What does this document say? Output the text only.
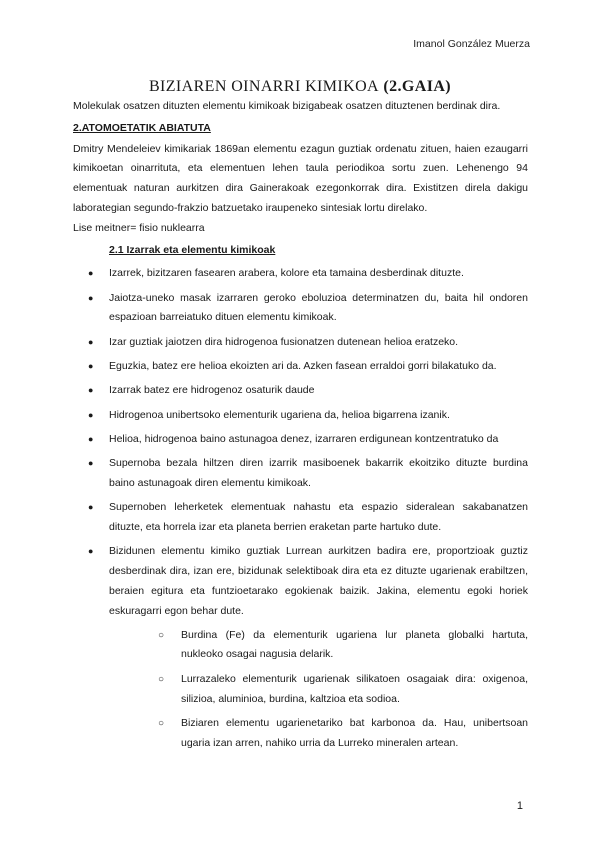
Imanol González Muerza
BIZIAREN OINARRI KIMIKOA (2.GAIA)

Molekulak osatzen dituzten elementu kimikoak bizigabeak osatzen dituztenen berdinak dira.

2.ATOMOETATIK ABIATUTA

Dmitry Mendeleiev kimikariak 1869an elementu ezagun guztiak ordenatu zituen, haien ezaugarri kimikoetan oinarrituta, eta elementuen lehen taula periodikoa sortu zuen. Lehenengo 94 elementuak naturan aurkitzen dira Gainerakoak ezegonkorrak dira. Existitzen direla dakigu laborategian segundo-frakzio batzuetako iraupeneko sintesiak lortu direlako.

Lise meitner= fisio nuklearra

2.1 Izarrak eta elementu kimikoak

● Izarrek, bizitzaren fasearen arabera, kolore eta tamaina desberdinak dituzte.
● Jaiotza-uneko masak izarraren geroko eboluzioa determinatzen du, baita hil ondoren espazioan barreiatuko dituen elementu kimikoak.
● Izar guztiak jaiotzen dira hidrogenoa fusionatzen dutenean helioa eratzeko.
● Eguzkia, batez ere helioa ekoizten ari da. Azken fasean erraldoi gorri bilakatuko da.
● Izarrak batez ere hidrogenoz osaturik daude
● Hidrogenoa unibertsoko elementurik ugariena da, helioa bigarrena izanik.
● Helioa, hidrogenoa baino astunagoa denez, izarraren erdigunean kontzentratuko da
● Supernoba bezala hiltzen diren izarrik masiboenek bakarrik ekoitziko dituzte burdina baino astunagoak diren elementu kimikoak.
● Supernoben leherketek elementuak nahastu eta espazio sideralean sakabanatzen dituzte, eta horrela izar eta planeta berrien eraketan parte hartuko dute.
● Bizidunen elementu kimiko guztiak Lurrean aurkitzen badira ere, proportzioak guztiz desberdinak dira, izan ere, bizidunak selektiboak dira eta ez dituzte ugarienak erabiltzen, beraien egitura eta funtzioetarako egokienak baizik. Jakina, elementu egoki horiek eskuragarri egon behar dute.
○ Burdina (Fe) da elementurik ugariena lur planeta globalki hartuta, nukleoko osagai nagusia delarik.
○ Lurrazaleko elementurik ugarienak silikatoen osagaiak dira: oxigenoa, silizioa, aluminioa, burdina, kaltzioa eta sodioa.
○ Biziaren elementu ugarienetariko bat karbonoa da. Hau, unibertsoan ugaria izan arren, nahiko urria da Lurreko mineralen artean.
1
